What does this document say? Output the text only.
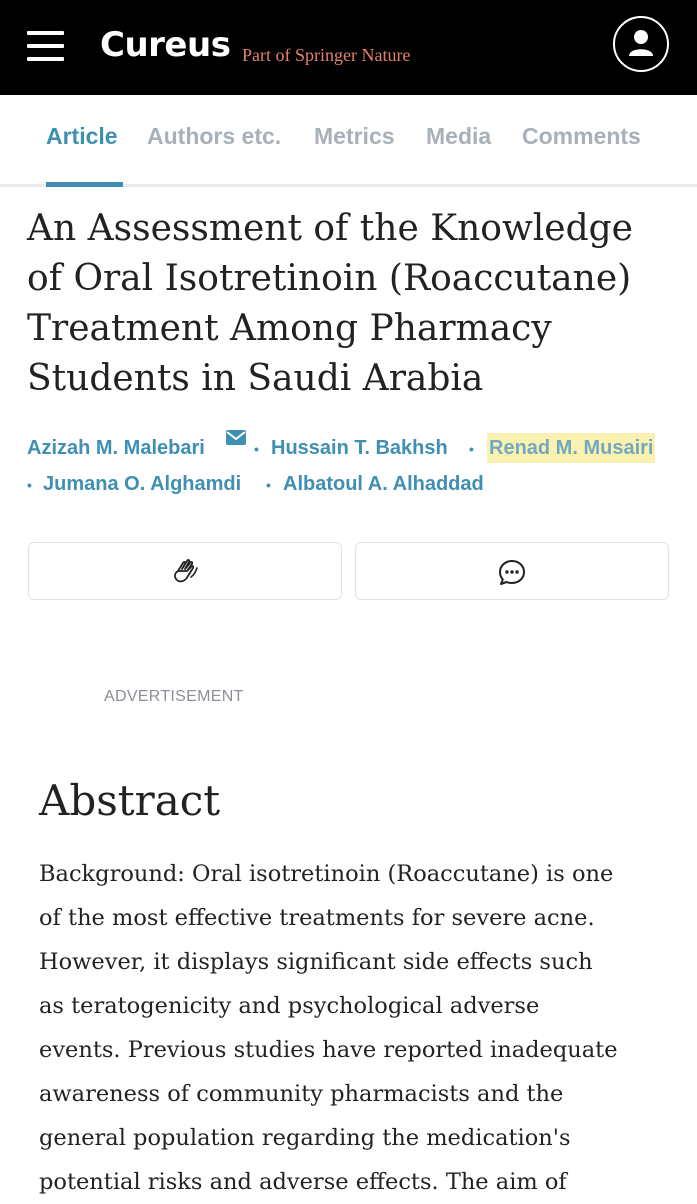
Cureus Part of Springer Nature
Article Authors etc. Metrics Media Comments
An Assessment of the Knowledge
of Oral Isotretinoin (Roaccutane)
Treatment Among Pharmacy
Students in Saudi Arabia
Azizah M. Malebari	• Hussain T. Bakhsh • Renad M. Musairi
• Jumana O. Alghamdi • Albatoul A. Alhaddad
ADVERTISEMENT
Abstract
Background: Oral isotretinoin (Roaccutane) is one
of the most effective treatments for severe acne.
However, it displays significant side effects such
as teratogenicity and psychological adverse
events. Previous studies have reported inadequate
awareness of community pharmacists and the
general population regarding the medication's
potential risks and adverse effects. The aim of
